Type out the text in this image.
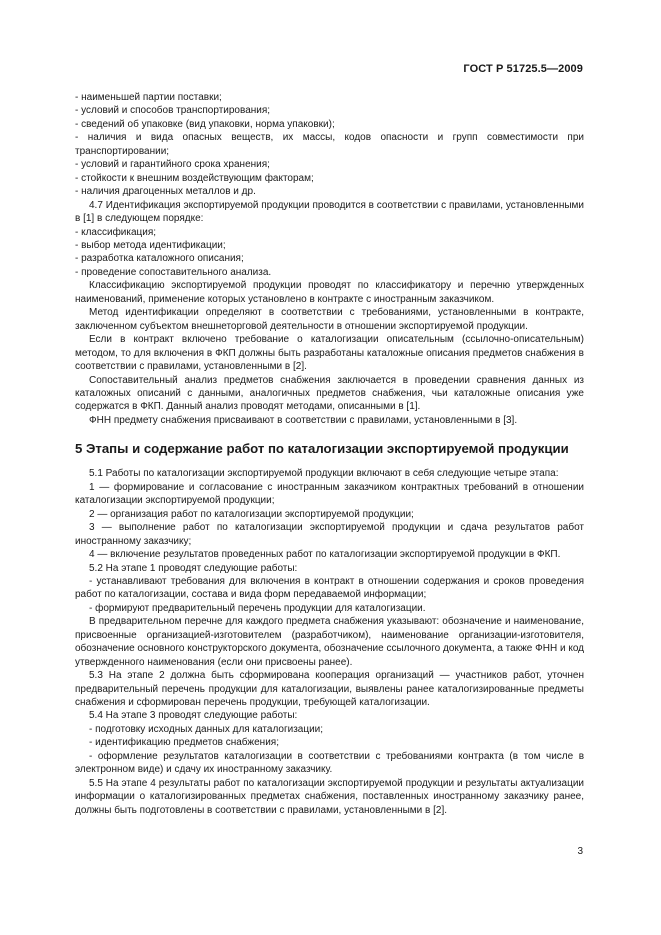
ГОСТ Р 51725.5—2009

- наименьшей партии поставки;

- условий и способов транспортирования;

- сведений об упаковке (вид упаковки, норма упаковки);

- наличия и вида опасных веществ, их массы, кодов опасности и групп совместимости при транспортировании;

- условий и гарантийного срока хранения;

- стойкости к внешним воздействующим факторам;

- наличия драгоценных металлов и др.

4.7 Идентификация экспортируемой продукции проводится в соответствии с правилами, установленными в [1] в следующем порядке:

- классификация;

- выбор метода идентификации;

- разработка каталожного описания;

- проведение сопоставительного анализа.

Классификацию экспортируемой продукции проводят по классификатору и перечню утвержденных наименований, применение которых установлено в контракте с иностранным заказчиком.

Метод идентификации определяют в соответствии с требованиями, установленными в контракте, заключенном субъектом внешнеторговой деятельности в отношении экспортируемой продукции.

Если в контракт включено требование о каталогизации описательным (ссылочно-описательным) методом, то для включения в ФКП должны быть разработаны каталожные описания предметов снабжения в соответствии с правилами, установленными в [2].

Сопоставительный анализ предметов снабжения заключается в проведении сравнения данных из каталожных описаний с данными, аналогичных предметов снабжения, чьи каталожные описания уже содержатся в ФКП. Данный анализ проводят методами, описанными в [1].

ФНН предмету снабжения присваивают в соответствии с правилами, установленными в [3].

5 Этапы и содержание работ по каталогизации экспортируемой продукции

5.1 Работы по каталогизации экспортируемой продукции включают в себя следующие четыре этапа:

1 — формирование и согласование с иностранным заказчиком контрактных требований в отношении каталогизации экспортируемой продукции;

2 — организация работ по каталогизации экспортируемой продукции;

3 — выполнение работ по каталогизации экспортируемой продукции и сдача результатов работ иностранному заказчику;

4 — включение результатов проведенных работ по каталогизации экспортируемой продукции в ФКП.

5.2 На этапе 1 проводят следующие работы:

- устанавливают требования для включения в контракт в отношении содержания и сроков проведения работ по каталогизации, состава и вида форм передаваемой информации;

- формируют предварительный перечень продукции для каталогизации.

В предварительном перечне для каждого предмета снабжения указывают: обозначение и наименование, присвоенные организацией-изготовителем (разработчиком), наименование организации-изготовителя, обозначение основного конструкторского документа, обозначение ссылочного документа, а также ФНН и код утвержденного наименования (если они присвоены ранее).

5.3 На этапе 2 должна быть сформирована кооперация организаций — участников работ, уточнен предварительный перечень продукции для каталогизации, выявлены ранее каталогизированные предметы снабжения и сформирован перечень продукции, требующей каталогизации.

5.4 На этапе 3 проводят следующие работы:

- подготовку исходных данных для каталогизации;

- идентификацию предметов снабжения;

- оформление результатов каталогизации в соответствии с требованиями контракта (в том числе в электронном виде) и сдачу их иностранному заказчику.

5.5 На этапе 4 результаты работ по каталогизации экспортируемой продукции и результаты актуализации информации о каталогизированных предметах снабжения, поставленных иностранному заказчику ранее, должны быть подготовлены в соответствии с правилами, установленными в [2].

3
